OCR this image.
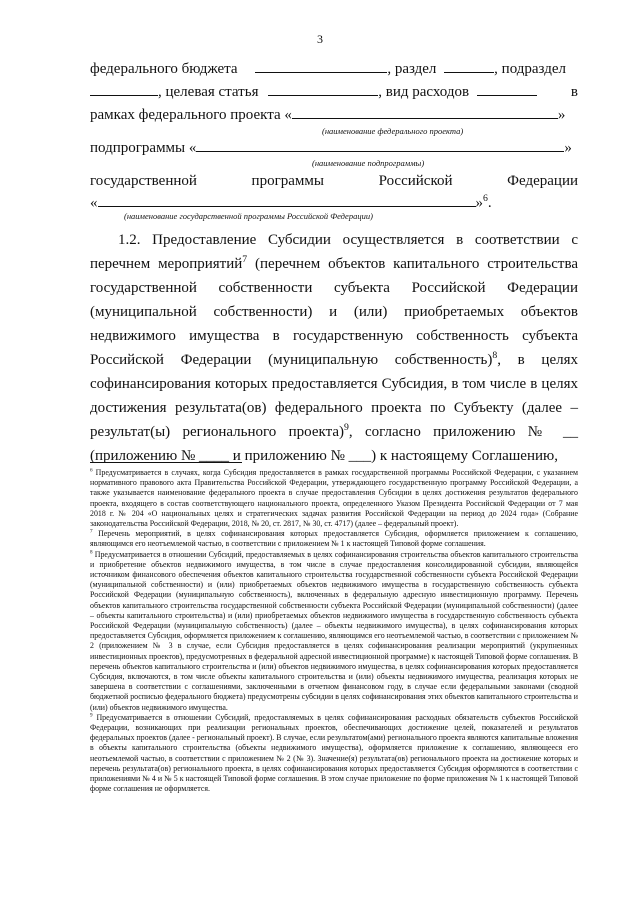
3
федерального бюджета	, раздел	, подраздел
, целевая статья	, вид расходов	в
рамках федерального проекта «	»
(наименование федерального проекта)
подпрограммы «	»
(наименование подпрограммы)
государственной	программы	Российской	Федерации
«	»$^6$.
(наименование государственной программы Российской Федерации)

1.2. Предоставление Субсидии осуществляется в соответствии с перечнем мероприятий$^7$ (перечнем объектов капитального строительства государственной собственности субъекта Российской Федерации (муниципальной собственности) и (или) приобретаемых объектов недвижимого имущества в государственную собственность субъекта Российской Федерации (муниципальную собственность)$^8$, в целях софинансирования которых предоставляется Субсидия, в том числе в целях достижения результата(ов) федерального проекта по Субъекту (далее – результат(ы) регионального проекта)$^9$, согласно приложению № __ (приложению № ____ и приложению № ___) к настоящему Соглашению,

$^6$ Предусматривается в случаях, когда Субсидия предоставляется в рамках государственной программы Российской Федерации, с указанием нормативного правового акта Правительства Российской Федерации, утверждающего государственную программу Российской Федерации, а также указывается наименование федерального проекта в случае предоставления Субсидии в целях достижения результатов федерального проекта, входящего в состав соответствующего национального проекта, определенного Указом Президента Российской Федерации от 7 мая 2018 г. № 204 «О национальных целях и стратегических задачах развития Российской Федерации на период до 2024 года» (Собрание законодательства Российской Федерации, 2018, № 20, ст. 2817, № 30, ст. 4717) (далее – федеральный проект).

$^7$ Перечень мероприятий, в целях софинансирования которых предоставляется Субсидия, оформляется приложением к соглашению, являющимся его неотъемлемой частью, в соответствии с приложением № 1 к настоящей Типовой форме соглашения.

$^8$ Предусматривается в отношении Субсидий, предоставляемых в целях софинансирования строительства объектов капитального строительства и приобретение объектов недвижимого имущества, в том числе в случае предоставления консолидированной субсидии, являющейся источником финансового обеспечения объектов капитального строительства государственной собственности субъекта Российской Федерации (муниципальной собственности) и (или) приобретаемых объектов недвижимого имущества в государственную собственность субъекта Российской Федерации (муниципальную собственность), включенных в федеральную адресную инвестиционную программу. Перечень объектов капитального строительства государственной собственности субъекта Российской Федерации (муниципальной собственности) (далее – объекты капитального строительства) и (или) приобретаемых объектов недвижимого имущества в государственную собственность субъекта Российской Федерации (муниципальную собственность) (далее – объекты недвижимого имущества), в целях софинансирования которых предоставляется Субсидия, оформляется приложением к соглашению, являющимся его неотъемлемой частью, в соответствии с приложением № 2 (приложением № 3 в случае, если Субсидия предоставляется в целях софинансирования реализации мероприятий (укрупненных инвестиционных проектов), предусмотренных в федеральной адресной инвестиционной программе) к настоящей Типовой форме соглашения. В перечень объектов капитального строительства и (или) объектов недвижимого имущества, в целях софинансирования которых предоставляется Субсидия, включаются, в том числе объекты капитального строительства и (или) объекты недвижимого имущества, реализация которых не завершена в соответствии с соглашениями, заключенными в отчетном финансовом году, в случае если федеральными законами (сводной бюджетной росписью федерального бюджета) предусмотрены субсидии в целях софинансирования этих объектов капитального строительства и (или) объектов недвижимого имущества.

$^9$ Предусматривается в отношении Субсидий, предоставляемых в целях софинансирования расходных обязательств субъектов Российской Федерации, возникающих при реализации региональных проектов, обеспечивающих достижение целей, показателей и результатов федеральных проектов (далее - региональный проект). В случае, если результатом(ами) регионального проекта являются капитальные вложения в объекты капитального строительства (объекты недвижимого имущества), оформляется приложение к соглашению, являющееся его неотъемлемой частью, в соответствии с приложением № 2 (№ 3). Значение(я) результата(ов) регионального проекта на достижение которых и перечень результата(ов) регионального проекта, в целях софинансирования которых предоставляется Субсидия оформляются в соответствии с приложениями № 4 и № 5 к настоящей Типовой форме соглашения. В этом случае приложение по форме приложения № 1 к настоящей Типовой форме соглашения не оформляется.
